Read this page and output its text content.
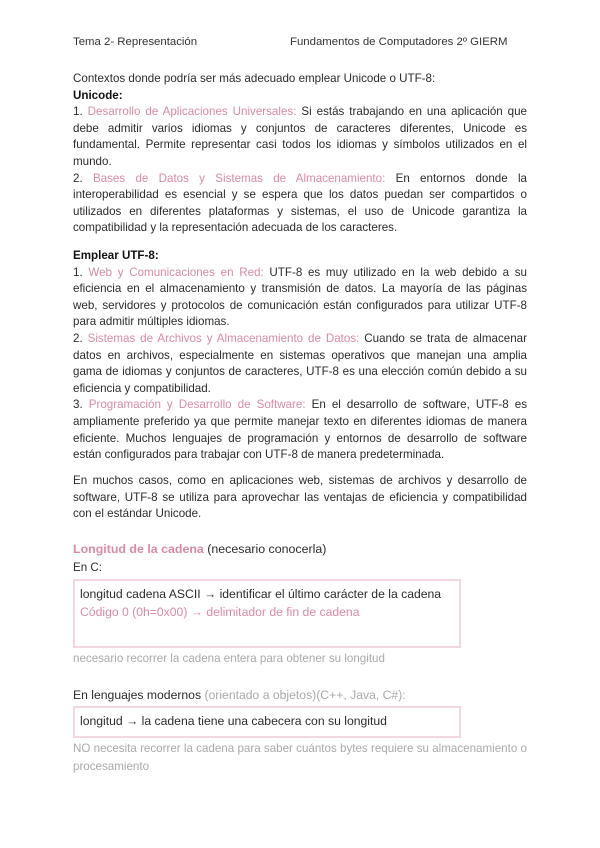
Tema 2- Representación	Fundamentos de Computadores 2º GIERM

Contextos donde podría ser más adecuado emplear Unicode o UTF-8:

Unicode:

1. Desarrollo de Aplicaciones Universales: Si estás trabajando en una aplicación que debe admitir varios idiomas y conjuntos de caracteres diferentes, Unicode es fundamental. Permite representar casi todos los idiomas y símbolos utilizados en el mundo.

2. Bases de Datos y Sistemas de Almacenamiento: En entornos donde la interoperabilidad es esencial y se espera que los datos puedan ser compartidos o utilizados en diferentes plataformas y sistemas, el uso de Unicode garantiza la compatibilidad y la representación adecuada de los caracteres.

Emplear UTF-8:

1. Web y Comunicaciones en Red: UTF-8 es muy utilizado en la web debido a su eficiencia en el almacenamiento y transmisión de datos. La mayoría de las páginas web, servidores y protocolos de comunicación están configurados para utilizar UTF-8 para admitir múltiples idiomas.

2. Sistemas de Archivos y Almacenamiento de Datos: Cuando se trata de almacenar datos en archivos, especialmente en sistemas operativos que manejan una amplia gama de idiomas y conjuntos de caracteres, UTF-8 es una elección común debido a su eficiencia y compatibilidad.

3. Programación y Desarrollo de Software: En el desarrollo de software, UTF-8 es ampliamente preferido ya que permite manejar texto en diferentes idiomas de manera eficiente. Muchos lenguajes de programación y entornos de desarrollo de software están configurados para trabajar con UTF-8 de manera predeterminada.

En muchos casos, como en aplicaciones web, sistemas de archivos y desarrollo de software, UTF-8 se utiliza para aprovechar las ventajas de eficiencia y compatibilidad con el estándar Unicode.

Longitud de la cadena (necesario conocerla)
En C:

longitud cadena ASCII → identificar el último carácter de la cadena

Código 0 (0h=0x00) → delimitador de fin de cadena

necesario recorrer la cadena entera para obtener su longitud
En lenguajes modernos (orientado a objetos)(C++, Java, C#):

longitud → la cadena tiene una cabecera con su longitud

NO necesita recorrer la cadena para saber cuántos bytes requiere su almacenamiento o procesamiento
